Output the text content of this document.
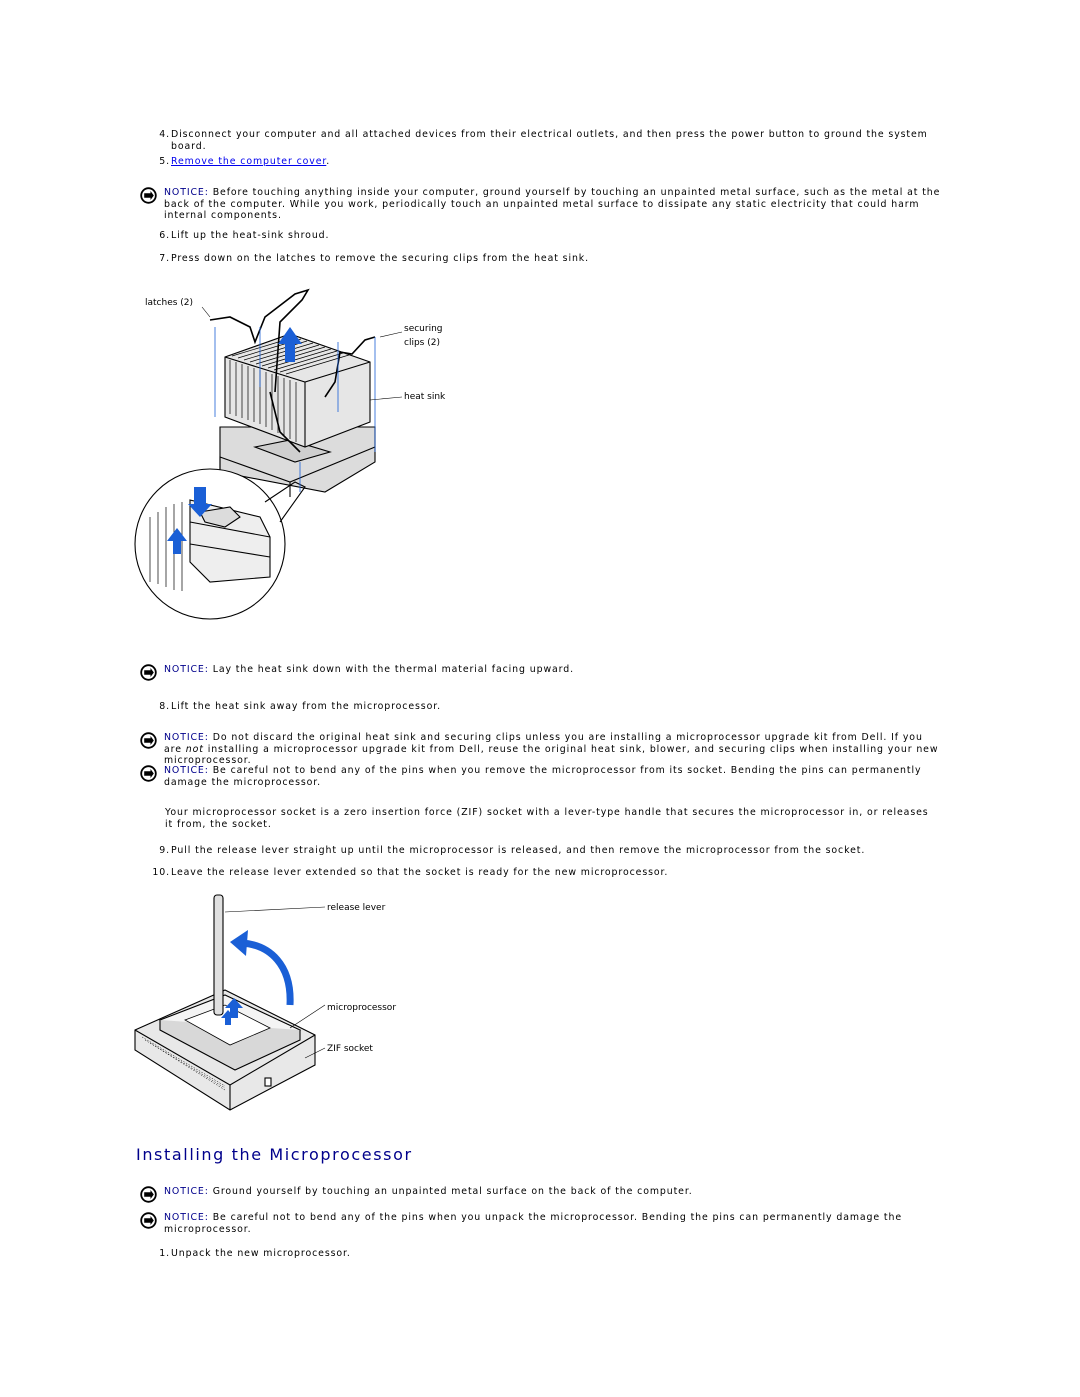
4. Disconnect your computer and all attached devices from their electrical outlets, and then press the power button to ground the system board.
5. Remove the computer cover.
NOTICE: Before touching anything inside your computer, ground yourself by touching an unpainted metal surface, such as the metal at the back of the computer. While you work, periodically touch an unpainted metal surface to dissipate any static electricity that could harm internal components.
6. Lift up the heat-sink shroud.
7. Press down on the latches to remove the securing clips from the heat sink.
latches (2)
securing
clips (2)
heat sink
NOTICE: Lay the heat sink down with the thermal material facing upward.
8. Lift the heat sink away from the microprocessor.
NOTICE: Do not discard the original heat sink and securing clips unless you are installing a microprocessor upgrade kit from Dell. If you are not installing a microprocessor upgrade kit from Dell, reuse the original heat sink, blower, and securing clips when installing your new microprocessor.
NOTICE: Be careful not to bend any of the pins when you remove the microprocessor from its socket. Bending the pins can permanently damage the microprocessor.
Your microprocessor socket is a zero insertion force (ZIF) socket with a lever-type handle that secures the microprocessor in, or releases it from, the socket.
9. Pull the release lever straight up until the microprocessor is released, and then remove the microprocessor from the socket.
10. Leave the release lever extended so that the socket is ready for the new microprocessor.
release lever
microprocessor
ZIF socket
Installing the Microprocessor
NOTICE: Ground yourself by touching an unpainted metal surface on the back of the computer.
NOTICE: Be careful not to bend any of the pins when you unpack the microprocessor. Bending the pins can permanently damage the microprocessor.
1. Unpack the new microprocessor.
